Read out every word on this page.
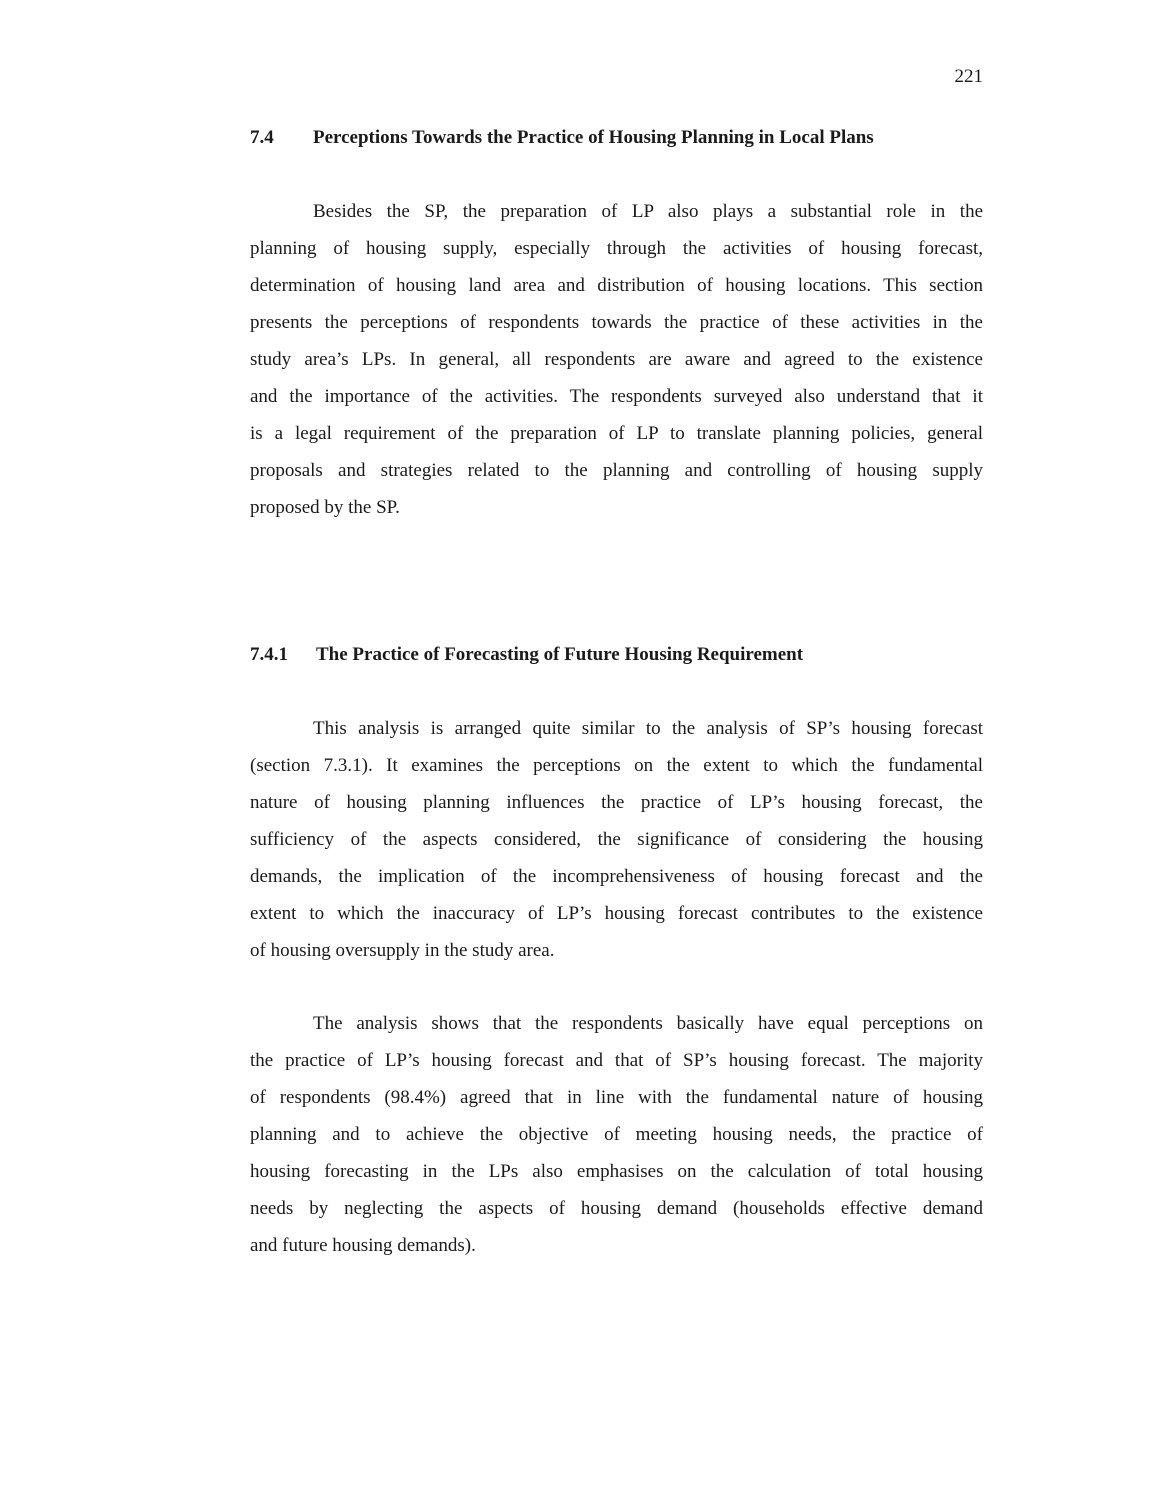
221
7.4 Perceptions Towards the Practice of Housing Planning in Local Plans
Besides the SP, the preparation of LP also plays a substantial role in the
planning of housing supply, especially through the activities of housing forecast,
determination of housing land area and distribution of housing locations. This section
presents the perceptions of respondents towards the practice of these activities in the
study area’s LPs. In general, all respondents are aware and agreed to the existence
and the importance of the activities. The respondents surveyed also understand that it
is a legal requirement of the preparation of LP to translate planning policies, general
proposals and strategies related to the planning and controlling of housing supply
proposed by the SP.
7.4.1 The Practice of Forecasting of Future Housing Requirement
This analysis is arranged quite similar to the analysis of SP’s housing forecast
(section 7.3.1). It examines the perceptions on the extent to which the fundamental
nature of housing planning influences the practice of LP’s housing forecast, the
sufficiency of the aspects considered, the significance of considering the housing
demands, the implication of the incomprehensiveness of housing forecast and the
extent to which the inaccuracy of LP’s housing forecast contributes to the existence
of housing oversupply in the study area.
The analysis shows that the respondents basically have equal perceptions on
the practice of LP’s housing forecast and that of SP’s housing forecast. The majority
of respondents (98.4%) agreed that in line with the fundamental nature of housing
planning and to achieve the objective of meeting housing needs, the practice of
housing forecasting in the LPs also emphasises on the calculation of total housing
needs by neglecting the aspects of housing demand (households effective demand
and future housing demands).
